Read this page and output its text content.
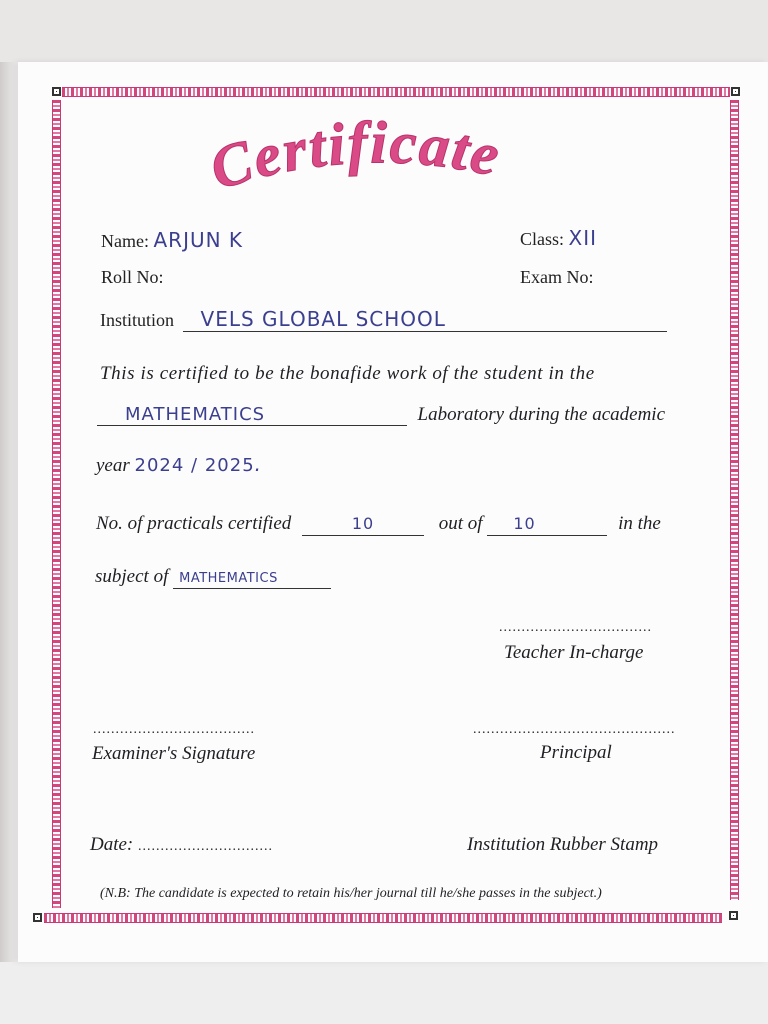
Certificate
Name: ARJUN K	Class: XII
Roll No:	Exam No:
Institution VELS GLOBAL SCHOOL
This is certified to be the bonafide work of the student in the
MATHEMATICS	Laboratory during the academic
year 2024 / 2025.
No. of practicals certified	10	out of 10	in the
subject of MATHEMATICS
..................................
Teacher In-charge
....................................
Examiner's Signature
.............................................
Principal
Date: ..............................	Institution Rubber Stamp
(N.B: The candidate is expected to retain his/her journal till he/she passes in the subject.)
